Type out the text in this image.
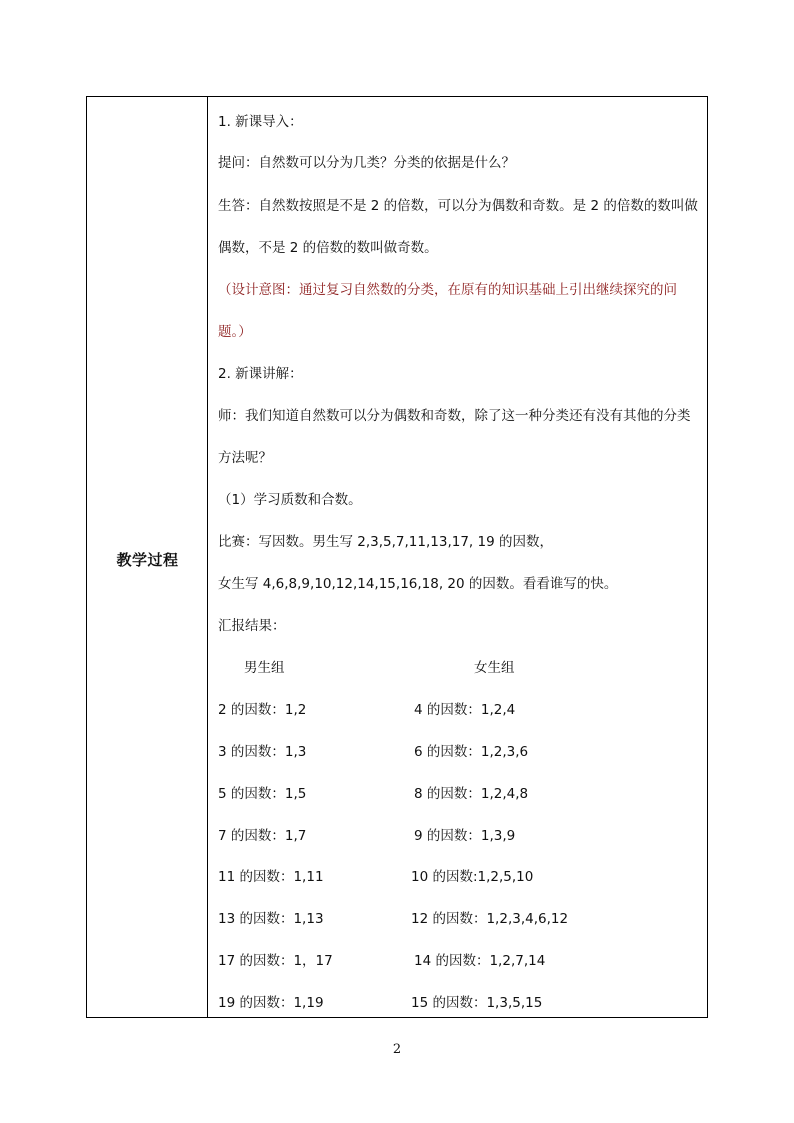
教学过程
1. 新课导入：
提问：自然数可以分为几类？分类的依据是什么？
生答：自然数按照是不是 2 的倍数，可以分为偶数和奇数。是 2 的倍数的数叫做
偶数，不是 2 的倍数的数叫做奇数。
（设计意图：通过复习自然数的分类，在原有的知识基础上引出继续探究的问
题。）
2. 新课讲解：
师：我们知道自然数可以分为偶数和奇数，除了这一种分类还有没有其他的分类
方法呢？
（1）学习质数和合数。
比赛：写因数。男生写 2,3,5,7,11,13,17, 19 的因数，
女生写 4,6,8,9,10,12,14,15,16,18, 20 的因数。看看谁写的快。
汇报结果：
男生组	女生组
2 的因数：1,2	4 的因数：1,2,4
3 的因数：1,3	6 的因数：1,2,3,6
5 的因数：1,5	8 的因数：1,2,4,8
7 的因数：1,7	9 的因数：1,3,9
11 的因数：1,11	10 的因数:1,2,5,10
13 的因数：1,13	12 的因数：1,2,3,4,6,12
17 的因数：1，17	14 的因数：1,2,7,14
19 的因数：1,19	15 的因数：1,3,5,15
2
